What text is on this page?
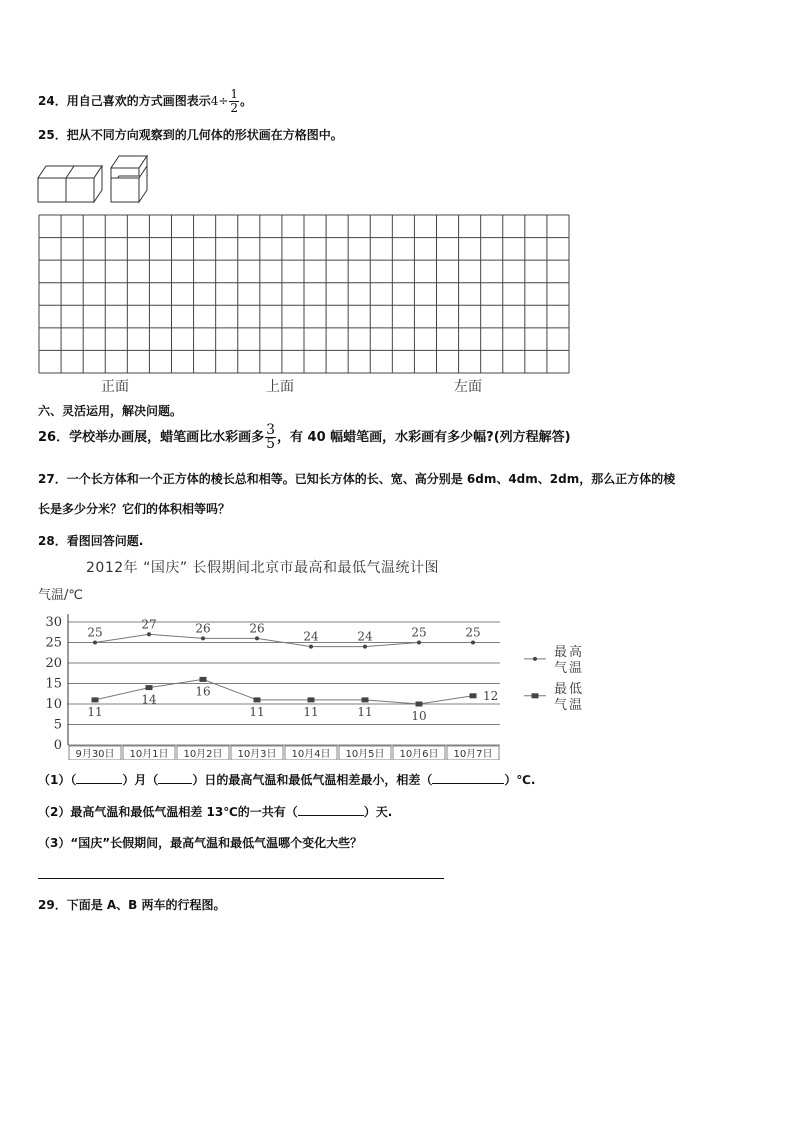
24．用自己喜欢的方式画图表示$4\div \frac{1}{2}$ 。
25．把从不同方向观察到的几何体的形状画在方格图中。
正面	上面	左面
六、灵活运用，解决问题。
26．学校举办画展，蜡笔画比水彩画多 $\frac{3}{5}$ ，有 40 幅蜡笔画，水彩画有多少幅?(列方程解答)
27．一个长方体和一个正方体的棱长总和相等。已知长方体的长、宽、高分别是 6dm、4dm、2dm，那么正方体的棱
长是多少分米？它们的体积相等吗？
28．看图回答问题.
2012年 “国庆” 长假期间北京市最高和最低气温统计图
气温/℃
0
5
10
15
20
25
30
9月30日 10月1日 10月2日 10月3日 10月4日 10月5日 10月6日 10月7日
25
27	26	26
24	24	25	25
11
14
16
11	11	11	10
12
最高
气温
最低
气温
（1）（	）月（	）日的最高气温和最低气温相差最小，相差（	）℃.
（2）最高气温和最低气温相差 13℃的一共有（	）天.
（3）“国庆”长假期间，最高气温和最低气温哪个变化大些？
29．下面是 A、B 两车的行程图。
